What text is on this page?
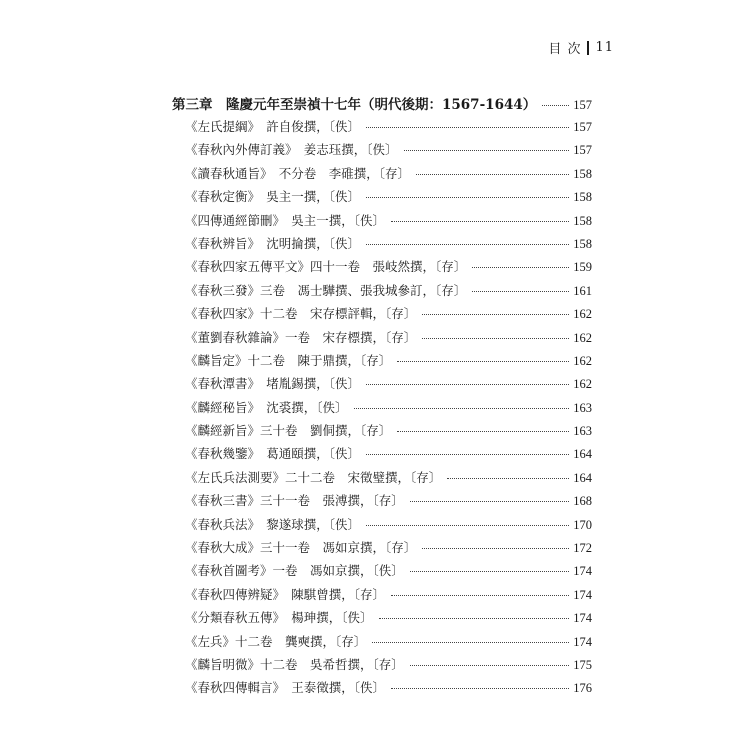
目 次 11
第三章　隆慶元年至崇禎十七年（明代後期：1567-1644）	157
《左氏提綱》　許自俊撰，〔佚〕	157
《春秋內外傳訂義》　姜志珏撰，〔佚〕	157
《讀春秋通旨》　不分卷　李碓撰，〔存〕	158
《春秋定衡》　吳主一撰，〔佚〕	158
《四傳通經節刪》　吳主一撰，〔佚〕	158
《春秋辨旨》　沈明掄撰，〔佚〕	158
《春秋四家五傳平文》四十一卷　張岐然撰，〔存〕	159
《春秋三發》三卷　馮士驊撰、張我城參訂，〔存〕	161
《春秋四家》十二卷　宋存標評輯，〔存〕	162
《董劉春秋雜論》一卷　宋存標撰，〔存〕	162
《麟旨定》十二卷　陳于鼎撰，〔存〕	162
《春秋潭書》　堵胤錫撰，〔佚〕	162
《麟經秘旨》　沈裘撰，〔佚〕	163
《麟經新旨》三十卷　劉侗撰，〔存〕	163
《春秋幾鑒》　葛通頤撰，〔佚〕	164
《左氏兵法測要》二十二卷　宋徵璧撰，〔存〕	164
《春秋三書》三十一卷　張溥撰，〔存〕	168
《春秋兵法》　黎遂球撰，〔佚〕	170
《春秋大成》三十一卷　馮如京撰，〔存〕	172
《春秋首圖考》一卷　馮如京撰，〔佚〕	174
《春秋四傳辨疑》　陳騏曾撰，〔存〕	174
《分類春秋五傳》　楊珅撰，〔佚〕	174
《左兵》十二卷　龔奭撰，〔存〕	174
《麟旨明微》十二卷　吳希哲撰，〔存〕	175
《春秋四傳輯言》　王泰徵撰，〔佚〕	176
